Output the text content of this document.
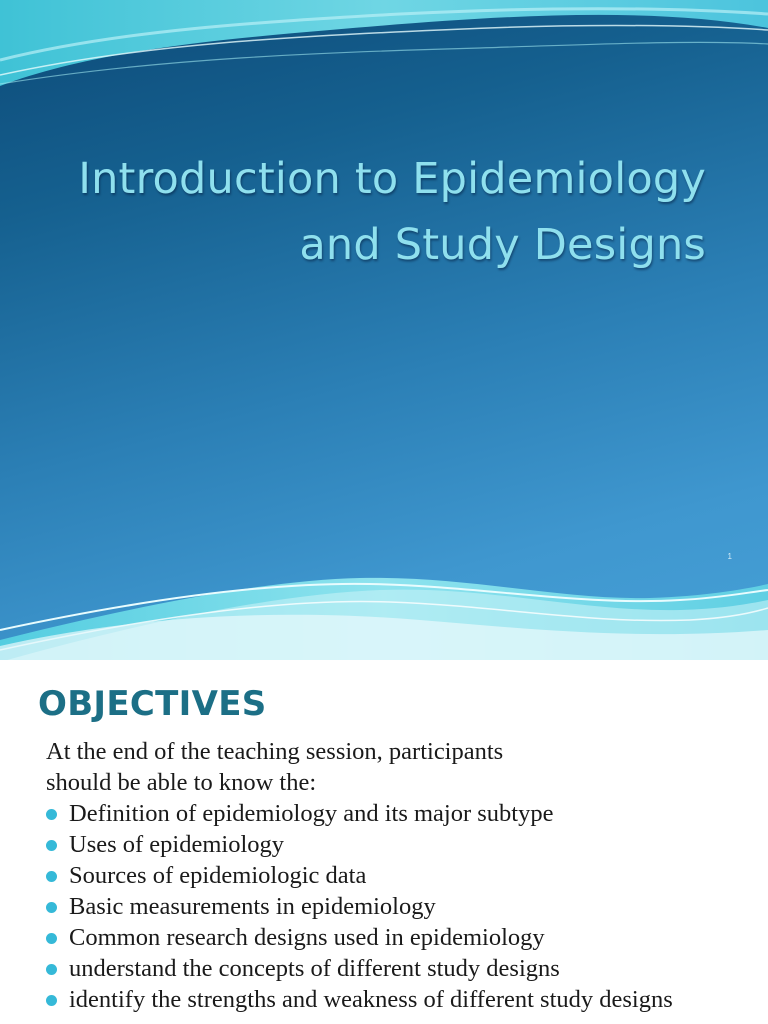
Introduction to Epidemiology
and Study Designs
1
OBJECTIVES

At the end of the teaching session, participants
should be able to know the:

Definition of epidemiology and its major subtype
Uses of epidemiology
Sources of epidemiologic data
Basic measurements in epidemiology
Common research designs used in epidemiology
understand the concepts of different study designs
identify the strengths and weakness of different study designs
